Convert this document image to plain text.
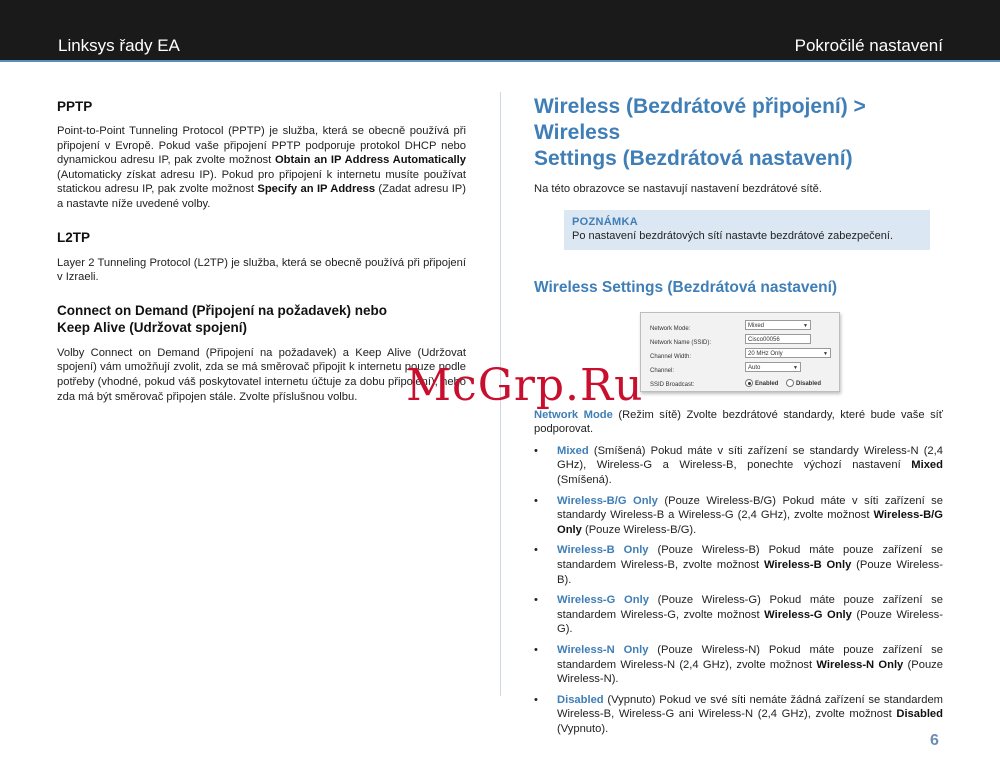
Linksys řady EA	Pokročilé nastavení
PPTP

Point-to-Point Tunneling Protocol (PPTP) je služba, která se obecně používá při připojení v Evropě. Pokud vaše připojení PPTP podporuje protokol DHCP nebo dynamickou adresu IP, pak zvolte možnost Obtain an IP Address Automatically (Automaticky získat adresu IP). Pokud pro připojení k internetu musíte používat statickou adresu IP, pak zvolte možnost Specify an IP Address (Zadat adresu IP) a nastavte níže uvedené volby.

L2TP

Layer 2 Tunneling Protocol (L2TP) je služba, která se obecně používá při připojení v Izraeli.

Connect on Demand (Připojení na požadavek) nebo
Keep Alive (Udržovat spojení)

Volby Connect on Demand (Připojení na požadavek) a Keep Alive (Udržovat spojení) vám umožňují zvolit, zda se má směrovač připojit k internetu pouze podle potřeby (vhodné, pokud váš poskytovatel internetu účtuje za dobu připojení), nebo zda má být směrovač připojen stále. Zvolte příslušnou volbu.

Wireless (Bezdrátové připojení) > Wireless
Settings (Bezdrátová nastavení)

Na této obrazovce se nastavují nastavení bezdrátové sítě.

POZNÁMKA
Po nastavení bezdrátových sítí nastavte bezdrátové zabezpečení.
Wireless Settings (Bezdrátová nastavení)
Network Mode:	Mixed	▼
Network Name (SSID):	Cisco00056
Channel Width:	20 MHz Only	▼
Channel:	Auto	▼
SSID Broadcast:	Enabled	Disabled

Network Mode (Režim sítě) Zvolte bezdrátové standardy, které bude vaše síť podporovat.

• Mixed (Smíšená) Pokud máte v síti zařízení se standardy Wireless-N (2,4 GHz), Wireless-G a Wireless-B, ponechte výchozí nastavení Mixed (Smíšená).
• Wireless-B/G Only (Pouze Wireless-B/G) Pokud máte v síti zařízení se standardy Wireless-B a Wireless-G (2,4 GHz), zvolte možnost Wireless-B/G Only (Pouze Wireless-B/G).
• Wireless-B Only (Pouze Wireless-B) Pokud máte pouze zařízení se standardem Wireless-B, zvolte možnost Wireless-B Only (Pouze Wireless-B).
• Wireless-G Only (Pouze Wireless-G) Pokud máte pouze zařízení se standardem Wireless-G, zvolte možnost Wireless-G Only (Pouze Wireless-G).
• Wireless-N Only (Pouze Wireless-N) Pokud máte pouze zařízení se standardem Wireless-N (2,4 GHz), zvolte možnost Wireless-N Only (Pouze Wireless-N).
• Disabled (Vypnuto) Pokud ve své síti nemáte žádná zařízení se standardem Wireless-B, Wireless-G ani Wireless-N (2,4 GHz), zvolte možnost Disabled (Vypnuto).
McGrp.Ru
6
